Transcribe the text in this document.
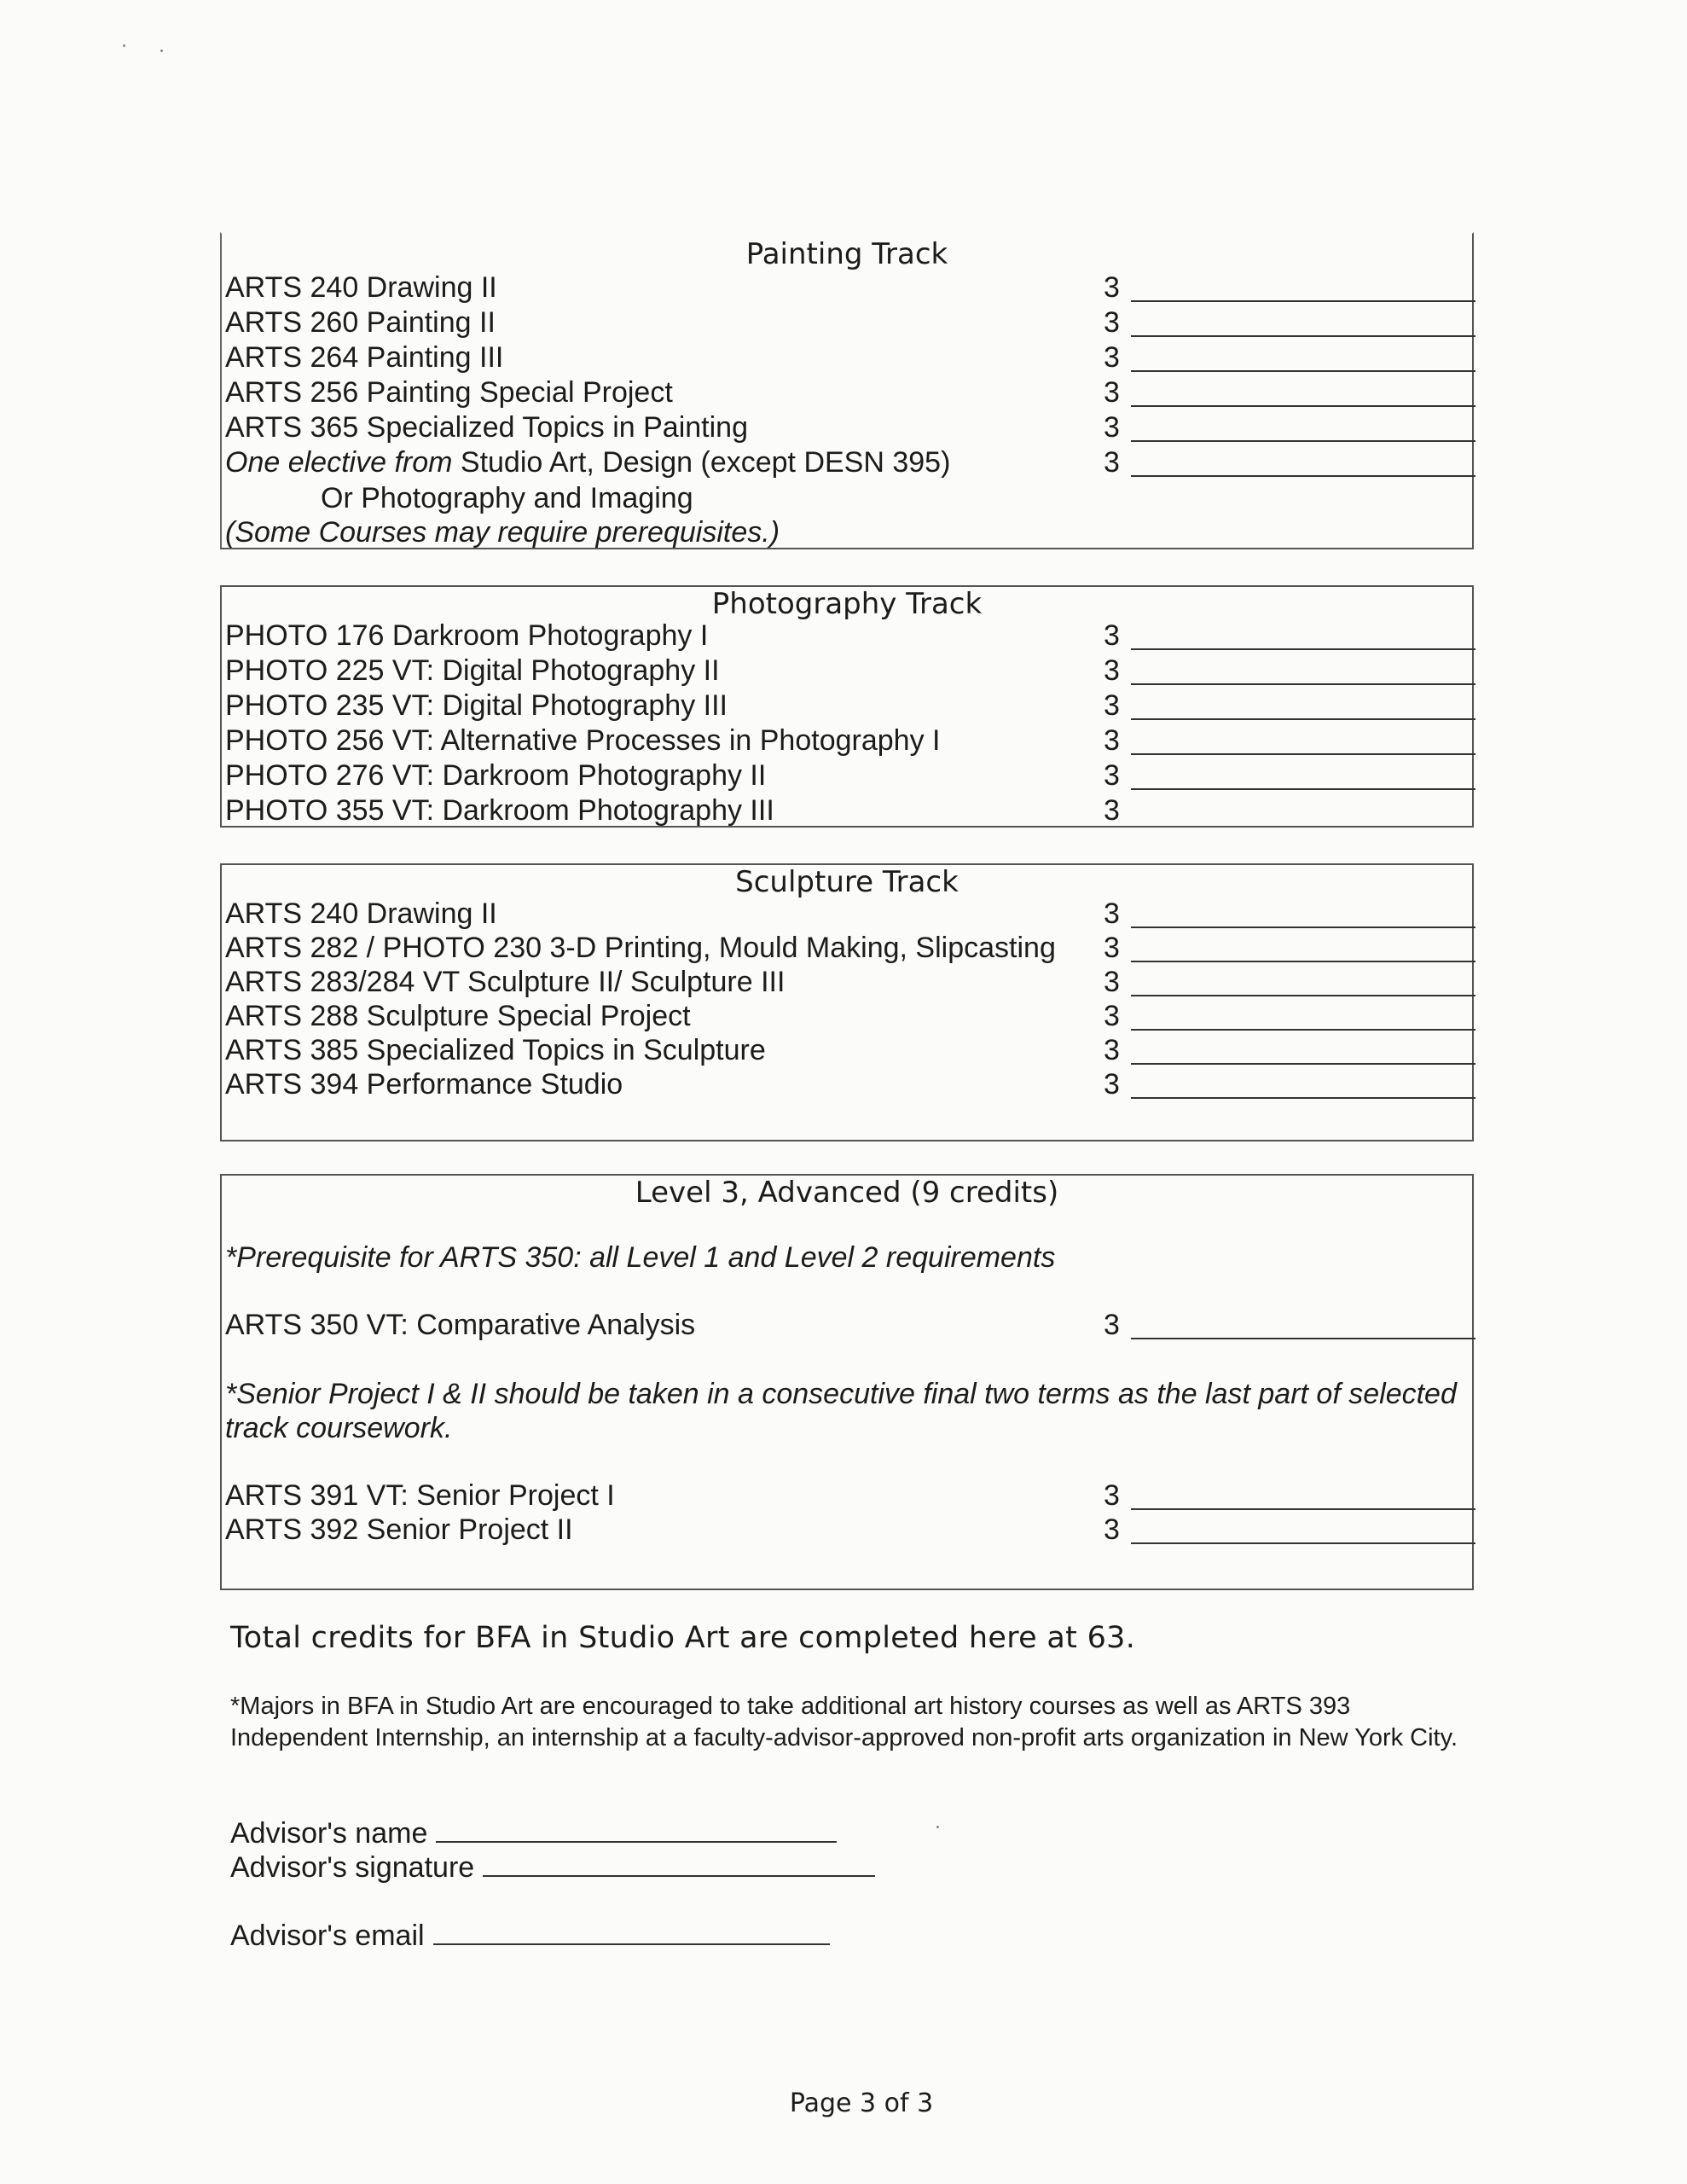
Painting Track
ARTS 240 Drawing II	3
ARTS 260 Painting II	3
ARTS 264 Painting III	3
ARTS 256 Painting Special Project	3
ARTS 365 Specialized Topics in Painting	3
One elective from Studio Art, Design (except DESN 395)	3
Or Photography and Imaging
(Some Courses may require prerequisites.)
Photography Track
PHOTO 176 Darkroom Photography I	3
PHOTO 225 VT: Digital Photography II	3
PHOTO 235 VT: Digital Photography III	3
PHOTO 256 VT: Alternative Processes in Photography I	3
PHOTO 276 VT: Darkroom Photography II	3
PHOTO 355 VT: Darkroom Photography III	3
Sculpture Track
ARTS 240 Drawing II	3
ARTS 282 / PHOTO 230 3-D Printing, Mould Making, Slipcasting 3
ARTS 283/284 VT Sculpture II/ Sculpture III	3
ARTS 288 Sculpture Special Project	3
ARTS 385 Specialized Topics in Sculpture	3
ARTS 394 Performance Studio	3
Level 3, Advanced (9 credits)
*Prerequisite for ARTS 350: all Level 1 and Level 2 requirements
ARTS 350 VT: Comparative Analysis	3
*Senior Project I & II should be taken in a consecutive final two terms as the last part of selected track coursework.
ARTS 391 VT: Senior Project I	3
ARTS 392 Senior Project II	3
Total credits for BFA in Studio Art are completed here at 63.
*Majors in BFA in Studio Art are encouraged to take additional art history courses as well as ARTS 393 Independent Internship, an internship at a faculty-advisor-approved non-profit arts organization in New York City.
Advisor's name
Advisor's signature
Advisor's email
Page 3 of 3
